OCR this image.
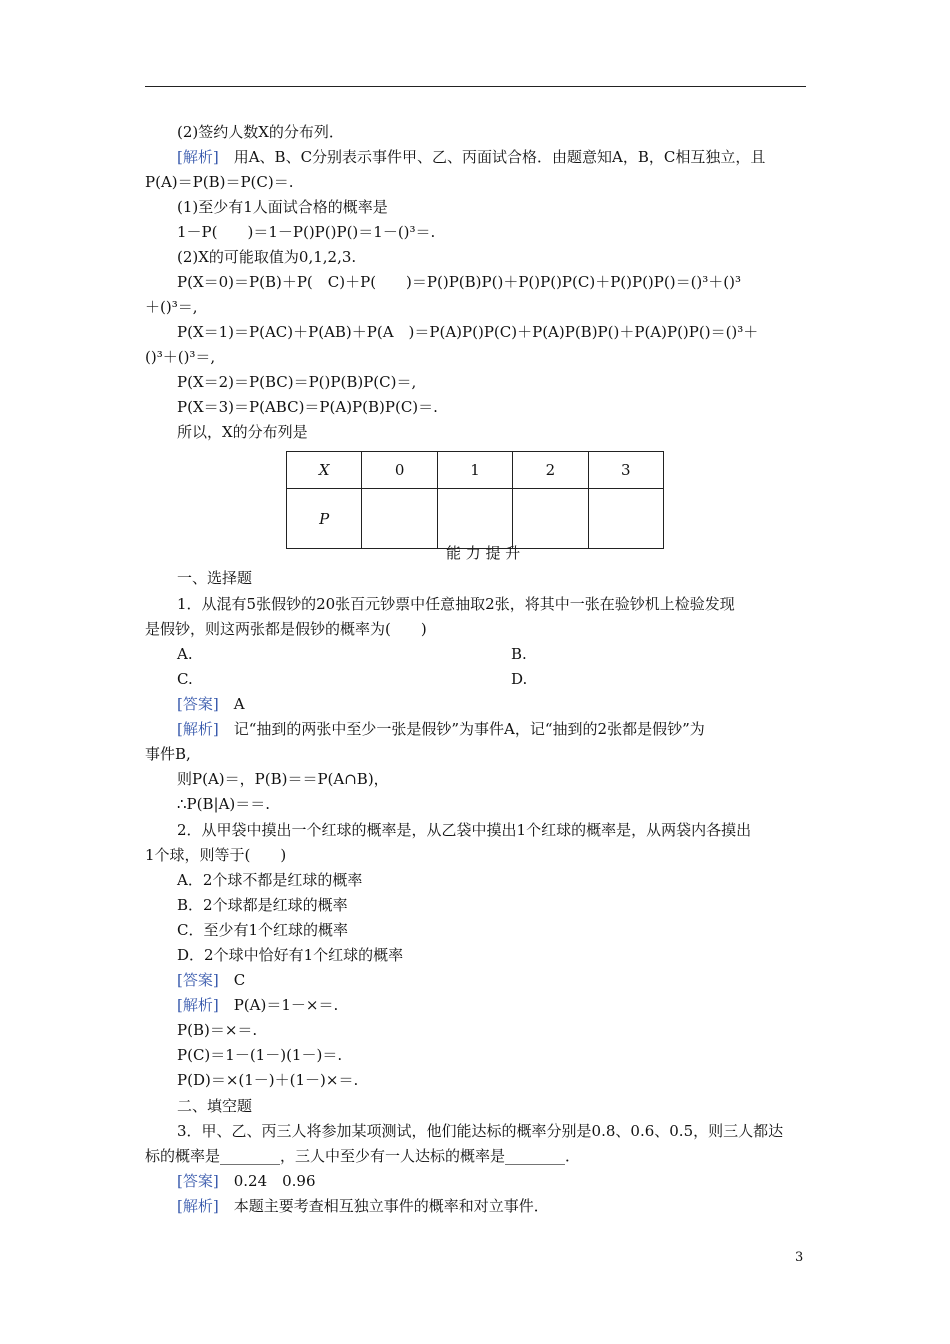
(2)签约人数X的分布列．
[解析]　用A、B、C分别表示事件甲、乙、丙面试合格．由题意知A，B，C相互独立，且
P(A)＝P(B)＝P(C)＝.
(1)至少有1人面试合格的概率是
1－P(　　)＝1－P()P()P()＝1－()³＝.
(2)X的可能取值为0,1,2,3.
P(X＝0)＝P(B)＋P(　C)＋P(　　)＝P()P(B)P()＋P()P()P(C)＋P()P()P()＝()³＋()³
＋()³＝,
P(X＝1)＝P(AC)＋P(AB)＋P(A　)＝P(A)P()P(C)＋P(A)P(B)P()＋P(A)P()P()＝()³＋
()³＋()³＝,
P(X＝2)＝P(BC)＝P()P(B)P(C)＝,
P(X＝3)＝P(ABC)＝P(A)P(B)P(C)＝.
所以，X的分布列是
能 力 提 升
一、选择题
1．从混有5张假钞的20张百元钞票中任意抽取2张，将其中一张在验钞机上检验发现
是假钞，则这两张都是假钞的概率为(　　)
A.	B.
C.	D.
[答案]　A
[解析]　记“抽到的两张中至少一张是假钞”为事件A，记“抽到的2张都是假钞”为
事件B,
则P(A)＝，P(B)＝＝P(A∩B)，
∴P(B|A)＝＝.
2．从甲袋中摸出一个红球的概率是，从乙袋中摸出1个红球的概率是，从两袋内各摸出
1个球，则等于(　　)
A．2个球不都是红球的概率
B．2个球都是红球的概率
C．至少有1个红球的概率
D．2个球中恰好有1个红球的概率
[答案]　C
[解析]　P(A)＝1－×＝.
P(B)＝×＝.
P(C)＝1－(1－)(1－)＝.
P(D)＝×(1－)＋(1－)×＝.
二、填空题
3．甲、乙、丙三人将参加某项测试，他们能达标的概率分别是0.8、0.6、0.5，则三人都达
标的概率是________，三人中至少有一人达标的概率是________．
[答案]　0.24　0.96
[解析]　本题主要考查相互独立事件的概率和对立事件．
X	0	1	2	3
P				
3
